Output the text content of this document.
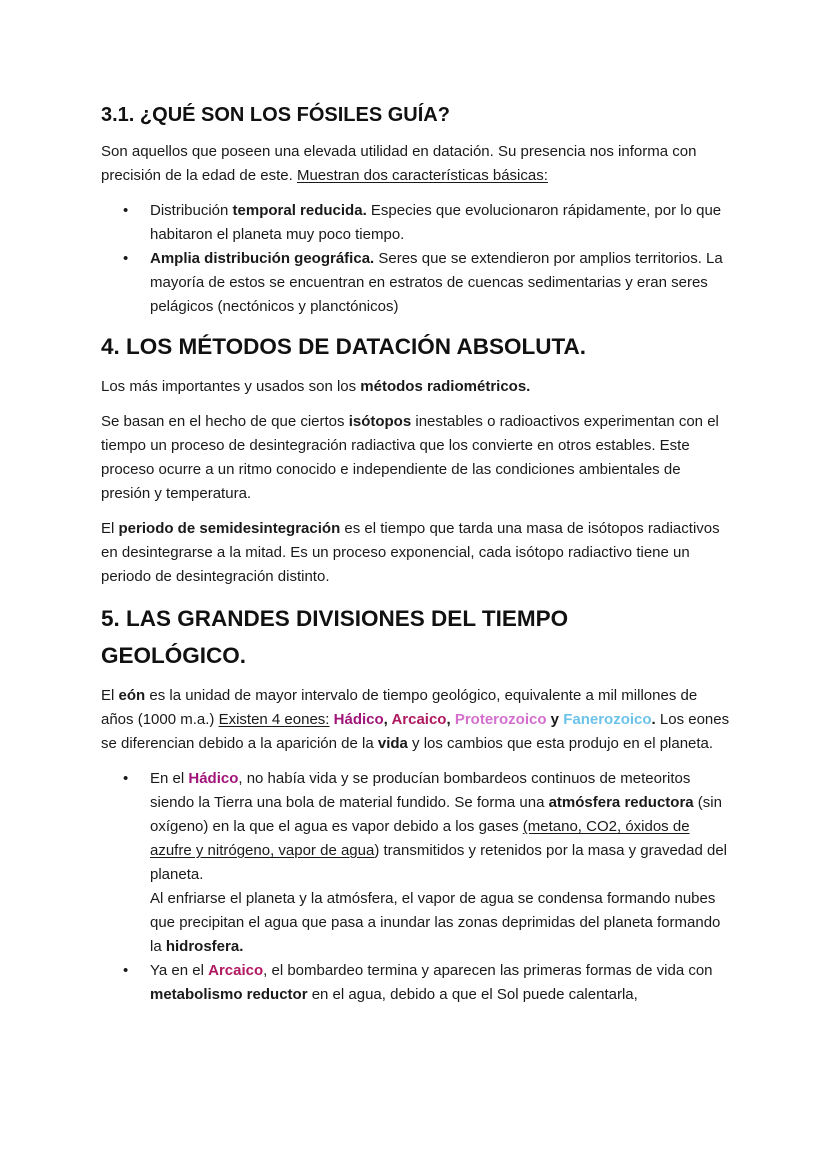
3.1. ¿QUÉ SON LOS FÓSILES GUÍA?

Son aquellos que poseen una elevada utilidad en datación. Su presencia nos informa con precisión de la edad de este. Muestran dos características básicas:

• Distribución temporal reducida. Especies que evolucionaron rápidamente, por lo que habitaron el planeta muy poco tiempo.
• Amplia distribución geográfica. Seres que se extendieron por amplios territorios. La mayoría de estos se encuentran en estratos de cuencas sedimentarias y eran seres pelágicos (nectónicos y planctónicos)
4. LOS MÉTODOS DE DATACIÓN ABSOLUTA.

Los más importantes y usados son los métodos radiométricos.

Se basan en el hecho de que ciertos isótopos inestables o radioactivos experimentan con el tiempo un proceso de desintegración radiactiva que los convierte en otros estables. Este proceso ocurre a un ritmo conocido e independiente de las condiciones ambientales de presión y temperatura.

El periodo de semidesintegración es el tiempo que tarda una masa de isótopos radiactivos en desintegrarse a la mitad. Es un proceso exponencial, cada isótopo radiactivo tiene un periodo de desintegración distinto.

5. LAS GRANDES DIVISIONES DEL TIEMPO
GEOLÓGICO.

El eón es la unidad de mayor intervalo de tiempo geológico, equivalente a mil millones de años (1000 m.a.) Existen 4 eones: Hádico, Arcaico, Proterozoico y Fanerozoico. Los eones se diferencian debido a la aparición de la vida y los cambios que esta produjo en el planeta.

• En el Hádico, no había vida y se producían bombardeos continuos de meteoritos siendo la Tierra una bola de material fundido. Se forma una atmósfera reductora (sin oxígeno) en la que el agua es vapor debido a los gases (metano, CO2, óxidos de azufre y nitrógeno, vapor de agua) transmitidos y retenidos por la masa y gravedad del planeta.
Al enfriarse el planeta y la atmósfera, el vapor de agua se condensa formando nubes que precipitan el agua que pasa a inundar las zonas deprimidas del planeta formando la hidrosfera.
• Ya en el Arcaico, el bombardeo termina y aparecen las primeras formas de vida con metabolismo reductor en el agua, debido a que el Sol puede calentarla,
